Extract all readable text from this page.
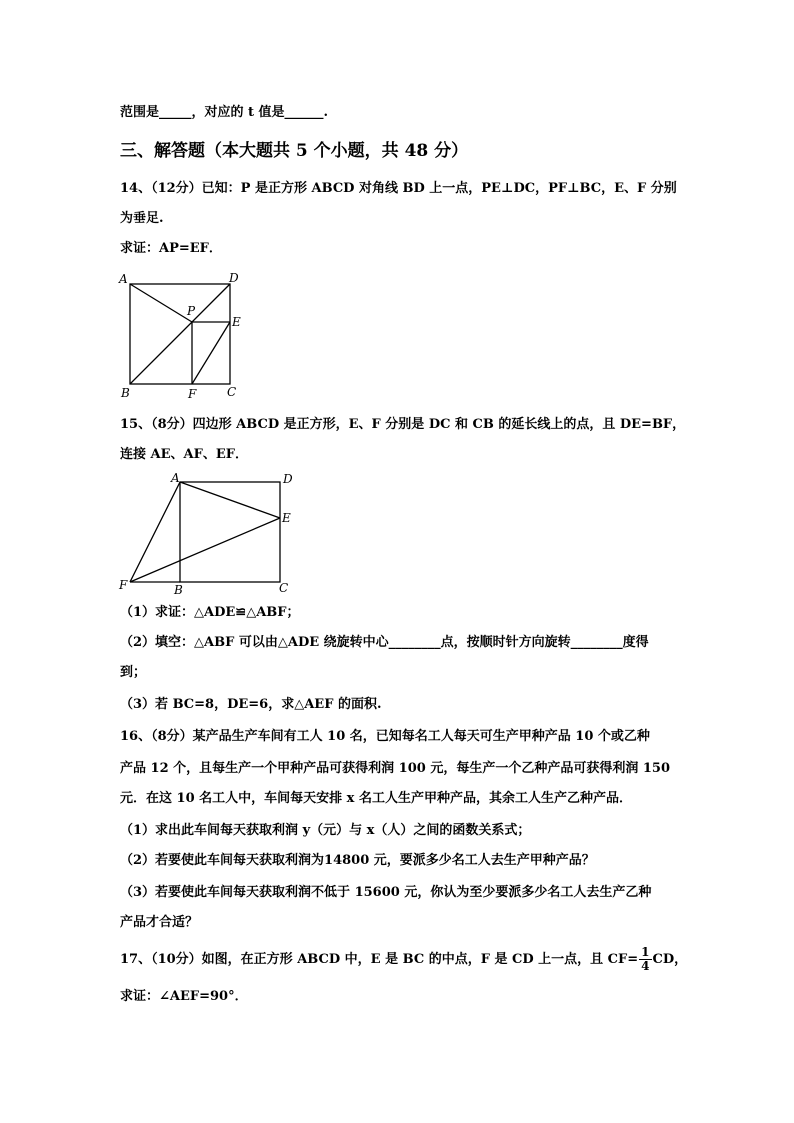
范围是_____，对应的 t 值是______.
三、解答题（本大题共 5 个小题，共 48 分）
14、（12分）已知：P 是正方形 ABCD 对角线 BD 上一点，PE⊥DC，PF⊥BC，E、F 分别
为垂足.
求证：AP=EF．
A	D
P
E
B	F	C
15、（8分）四边形 ABCD 是正方形，E、F 分别是 DC 和 CB 的延长线上的点，且 DE=BF，
连接 AE、AF、EF．
A	D
E
F	B	C
（1）求证：△ADE≌△ABF；
（2）填空：△ABF 可以由△ADE 绕旋转中心________点，按顺时针方向旋转________度得
到；
（3）若 BC=8，DE=6，求△AEF 的面积.
16、（8分）某产品生产车间有工人 10 名，已知每名工人每天可生产甲种产品 10 个或乙种
产品 12 个，且每生产一个甲种产品可获得利润 100 元，每生产一个乙种产品可获得利润 150
元．在这 10 名工人中，车间每天安排 x 名工人生产甲种产品，其余工人生产乙种产品．
（1）求出此车间每天获取利润 y（元）与 x（人）之间的函数关系式；
（2）若要使此车间每天获取利润为14800 元，要派多少名工人去生产甲种产品？
（3）若要使此车间每天获取利润不低于 15600 元，你认为至少要派多少名工人去生产乙种
产品才合适？
17、（10分）如图，在正方形 ABCD 中，E 是 BC 的中点，F 是 CD 上一点，且 $CF= \frac{1}{4}$ CD，
求证：∠AEF=90°．
